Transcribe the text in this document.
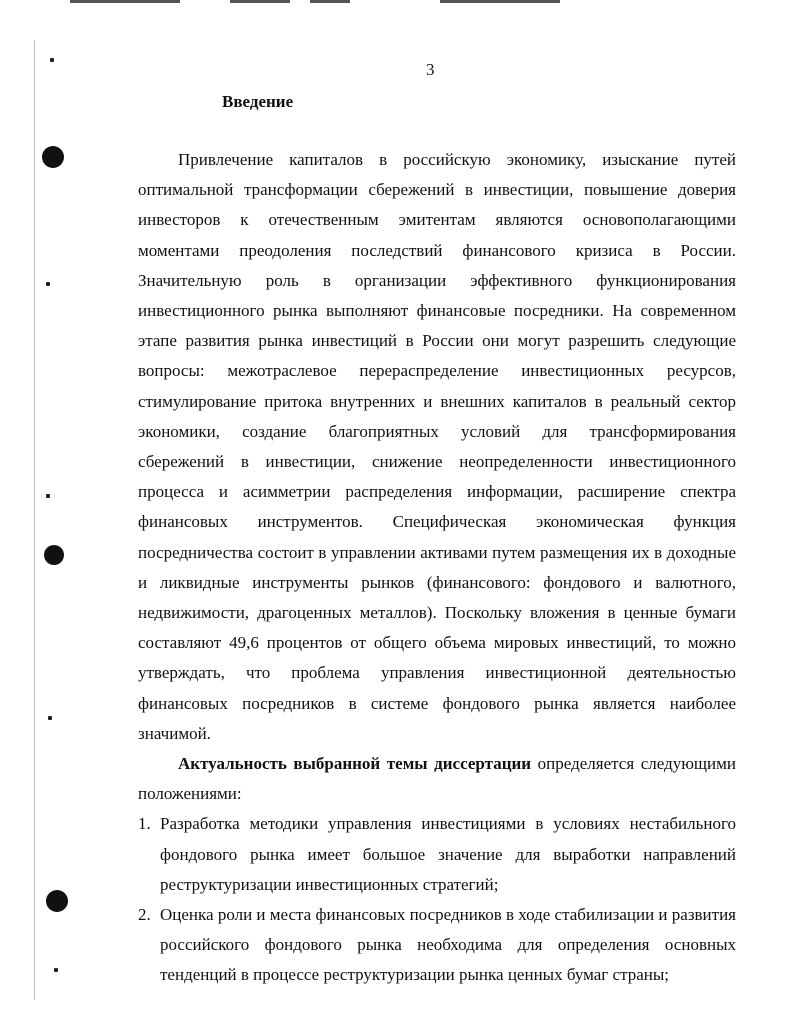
3
Введение

Привлечение капиталов в российскую экономику, изыскание путей оптимальной трансформации сбережений в инвестиции, повышение доверия инвесторов к отечественным эмитентам являются основополагающими моментами преодоления последствий финансового кризиса в России. Значительную роль в организации эффективного функционирования инвестиционного рынка выполняют финансовые посредники. На современном этапе развития рынка инвестиций в России они могут разрешить следующие вопросы: межотраслевое перераспределение инвестиционных ресурсов, стимулирование притока внутренних и внешних капиталов в реальный сектор экономики, создание благоприятных условий для трансформирования сбережений в инвестиции, снижение неопределенности инвестиционного процесса и асимметрии распределения информации, расширение спектра финансовых инструментов. Специфическая экономическая функция посредничества состоит в управлении активами путем размещения их в доходные и ликвидные инструменты рынков (финансового: фондового и валютного, недвижимости, драгоценных металлов). Поскольку вложения в ценные бумаги составляют 49,6 процентов от общего объема мировых инвестиций, то можно утверждать, что проблема управления инвестиционной деятельностью финансовых посредников в системе фондового рынка является наиболее значимой.

Актуальность выбранной темы диссертации определяется следующими положениями:

1. Разработка методики управления инвестициями в условиях нестабильного фондового рынка имеет большое значение для выработки направлений реструктуризации инвестиционных стратегий;
2. Оценка роли и места финансовых посредников в ходе стабилизации и развития российского фондового рынка необходима для определения основных тенденций в процессе реструктуризации рынка ценных бумаг страны;
